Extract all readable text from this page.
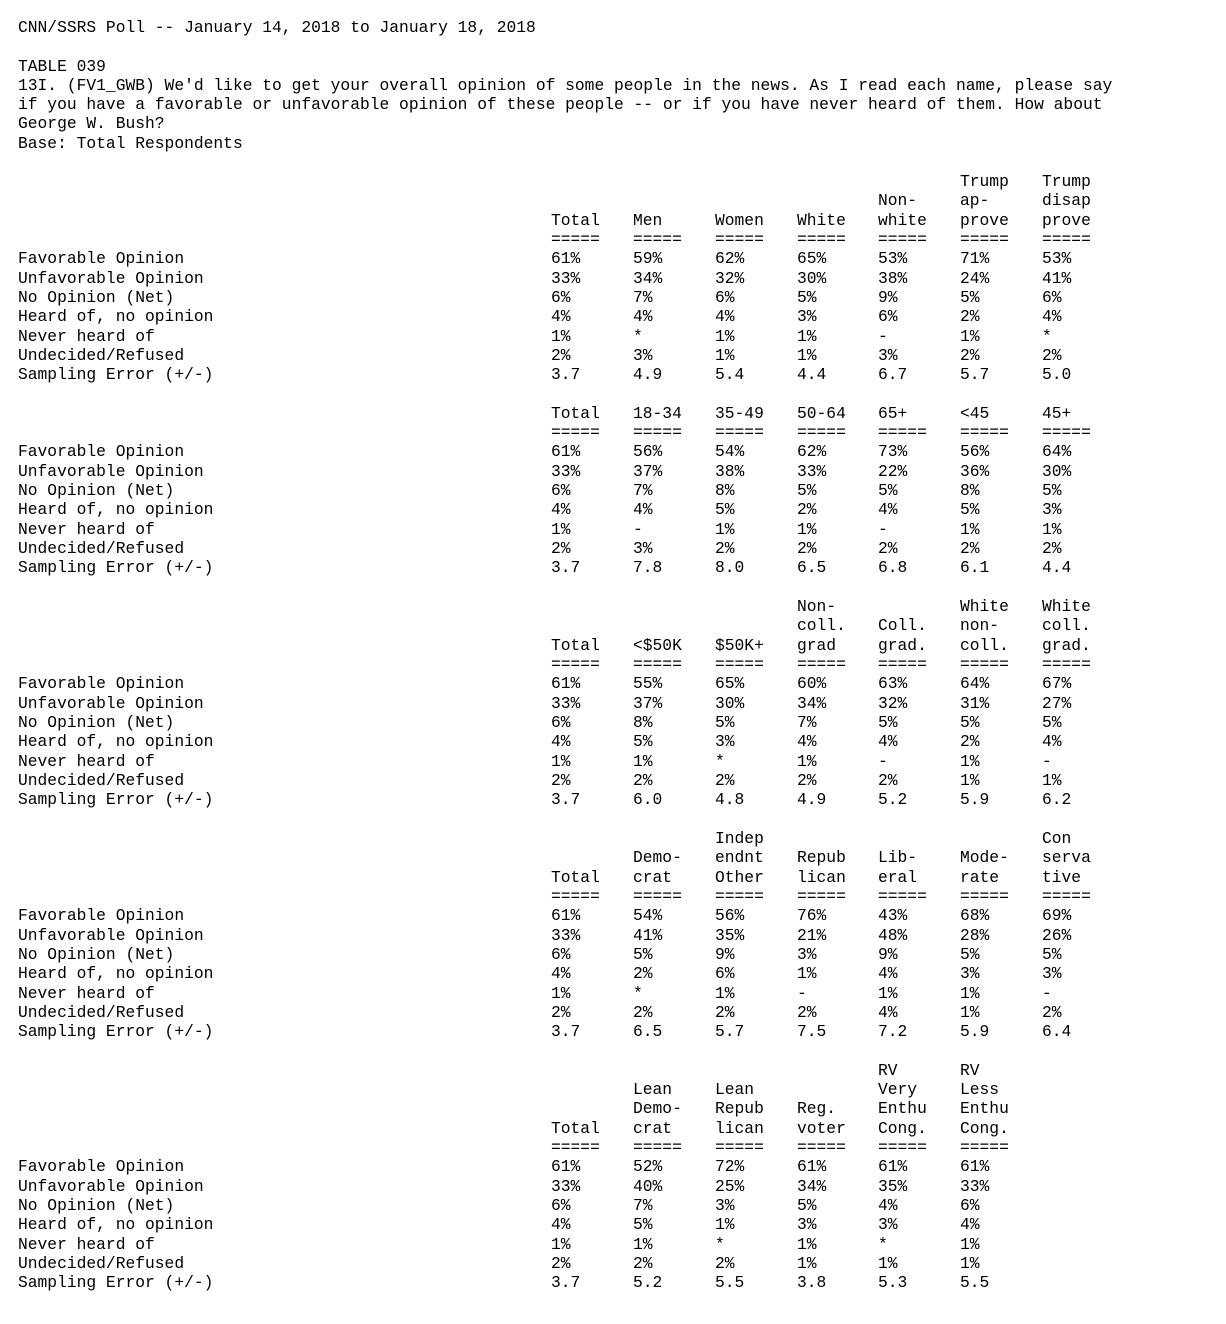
CNN/SSRS Poll -- January 14, 2018 to January 18, 2018
TABLE 039
13I. (FV1_GWB) We'd like to get your overall opinion of some people in the news. As I read each name, please say
if you have a favorable or unfavorable opinion of these people -- or if you have never heard of them. How about
George W. Bush?
Base: Total Respondents
Total
=====
61%
33%
6%
4%
1%
2%
3.7
Men
=====
59%
34%
7%
4%
*
3%
4.9
Women
=====
62%
32%
6%
4%
1%
1%
5.4
White
=====
65%
30%
5%
3%
1%
1%
4.4
Non-
white
=====
53%
38%
9%
6%
-
3%
6.7
Trump
ap-
prove
=====
71%
24%
5%
2%
1%
2%
5.7
Trump
disap
prove
=====
53%
41%
6%
4%
*
2%
5.0
Favorable Opinion
Unfavorable Opinion
No Opinion (Net)
Heard of, no opinion
Never heard of
Undecided/Refused
Sampling Error (+/-)
Total
=====
61%
33%
6%
4%
1%
2%
3.7
18-34
=====
56%
37%
7%
4%
-
3%
7.8
35-49
=====
54%
38%
8%
5%
1%
2%
8.0
50-64
=====
62%
33%
5%
2%
1%
2%
6.5
65+
=====
73%
22%
5%
4%
-
2%
6.8
<45
=====
56%
36%
8%
5%
1%
2%
6.1
45+
=====
64%
30%
5%
3%
1%
2%
4.4
Favorable Opinion
Unfavorable Opinion
No Opinion (Net)
Heard of, no opinion
Never heard of
Undecided/Refused
Sampling Error (+/-)
Total
=====
61%
33%
6%
4%
1%
2%
3.7
<$50K
=====
55%
37%
8%
5%
1%
2%
6.0
$50K+
=====
65%
30%
5%
3%
*
2%
4.8
Non-
coll.
grad
=====
60%
34%
7%
4%
1%
2%
4.9
Coll.
grad.
=====
63%
32%
5%
4%
-
2%
5.2
White
non-
coll.
=====
64%
31%
5%
2%
1%
1%
5.9
White
coll.
grad.
=====
67%
27%
5%
4%
-
1%
6.2
Favorable Opinion
Unfavorable Opinion
No Opinion (Net)
Heard of, no opinion
Never heard of
Undecided/Refused
Sampling Error (+/-)
Total
=====
61%
33%
6%
4%
1%
2%
3.7
Demo-
crat
=====
54%
41%
5%
2%
*
2%
6.5
Indep
endnt
Other
=====
56%
35%
9%
6%
1%
2%
5.7
Repub
lican
=====
76%
21%
3%
1%
-
2%
7.5
Lib-
eral
=====
43%
48%
9%
4%
1%
4%
7.2
Mode-
rate
=====
68%
28%
5%
3%
1%
1%
5.9
Con
serva
tive
=====
69%
26%
5%
3%
-
2%
6.4
Favorable Opinion
Unfavorable Opinion
No Opinion (Net)
Heard of, no opinion
Never heard of
Undecided/Refused
Sampling Error (+/-)
Total
=====
61%
33%
6%
4%
1%
2%
3.7
Lean
Demo-
crat
=====
52%
40%
7%
5%
1%
2%
5.2
Lean
Repub
lican
=====
72%
25%
3%
1%
*
2%
5.5
Reg.
voter
=====
61%
34%
5%
3%
1%
1%
3.8
RV
Very
Enthu
Cong.
=====
61%
35%
4%
3%
*
1%
5.3
RV
Less
Enthu
Cong.
=====
61%
33%
6%
4%
1%
1%
5.5
Favorable Opinion
Unfavorable Opinion
No Opinion (Net)
Heard of, no opinion
Never heard of
Undecided/Refused
Sampling Error (+/-)
